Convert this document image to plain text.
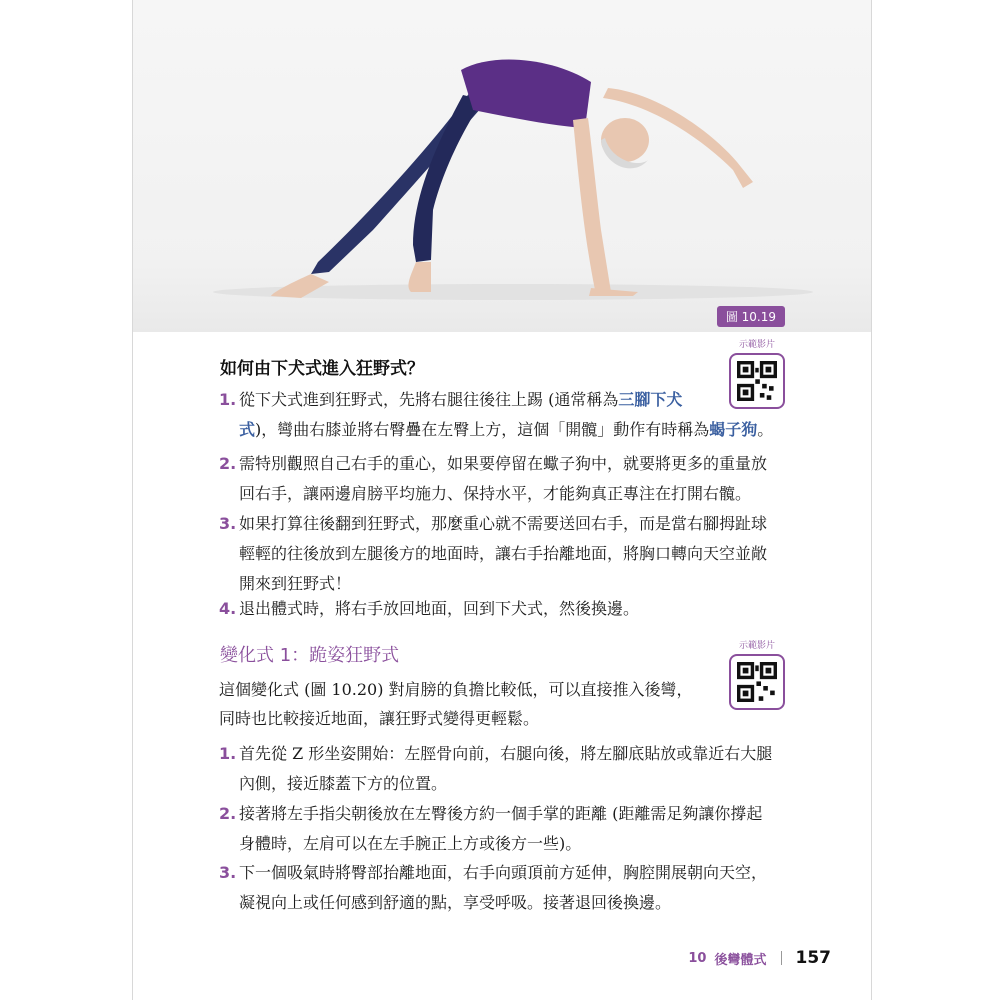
圖 10.19
示範影片
如何由下犬式進入狂野式？
1. 從下犬式進到狂野式，先將右腿往後往上踢 (通常稱為三腳下犬
式)，彎曲右膝並將右臀疊在左臀上方，這個「開髖」動作有時稱為蝎子狗。
2. 需特別觀照自己右手的重心，如果要停留在蠍子狗中，就要將更多的重量放
回右手，讓兩邊肩膀平均施力、保持水平，才能夠真正專注在打開右髖。
3. 如果打算往後翻到狂野式，那麼重心就不需要送回右手，而是當右腳拇趾球
輕輕的往後放到左腿後方的地面時，讓右手抬離地面，將胸口轉向天空並敞
開來到狂野式！
4. 退出體式時，將右手放回地面，回到下犬式，然後換邊。
示範影片
變化式 1：跪姿狂野式
這個變化式 (圖 10.20) 對肩膀的負擔比較低，可以直接推入後彎，
同時也比較接近地面，讓狂野式變得更輕鬆。
1. 首先從 Z 形坐姿開始：左脛骨向前，右腿向後，將左腳底貼放或靠近右大腿
內側，接近膝蓋下方的位置。
2. 接著將左手指尖朝後放在左臀後方約一個手掌的距離 (距離需足夠讓你撐起
身體時，左肩可以在左手腕正上方或後方一些)。
3. 下一個吸氣時將臀部抬離地面，右手向頭頂前方延伸，胸腔開展朝向天空，
凝視向上或任何感到舒適的點，享受呼吸。接著退回後換邊。
10 後彎體式 157
